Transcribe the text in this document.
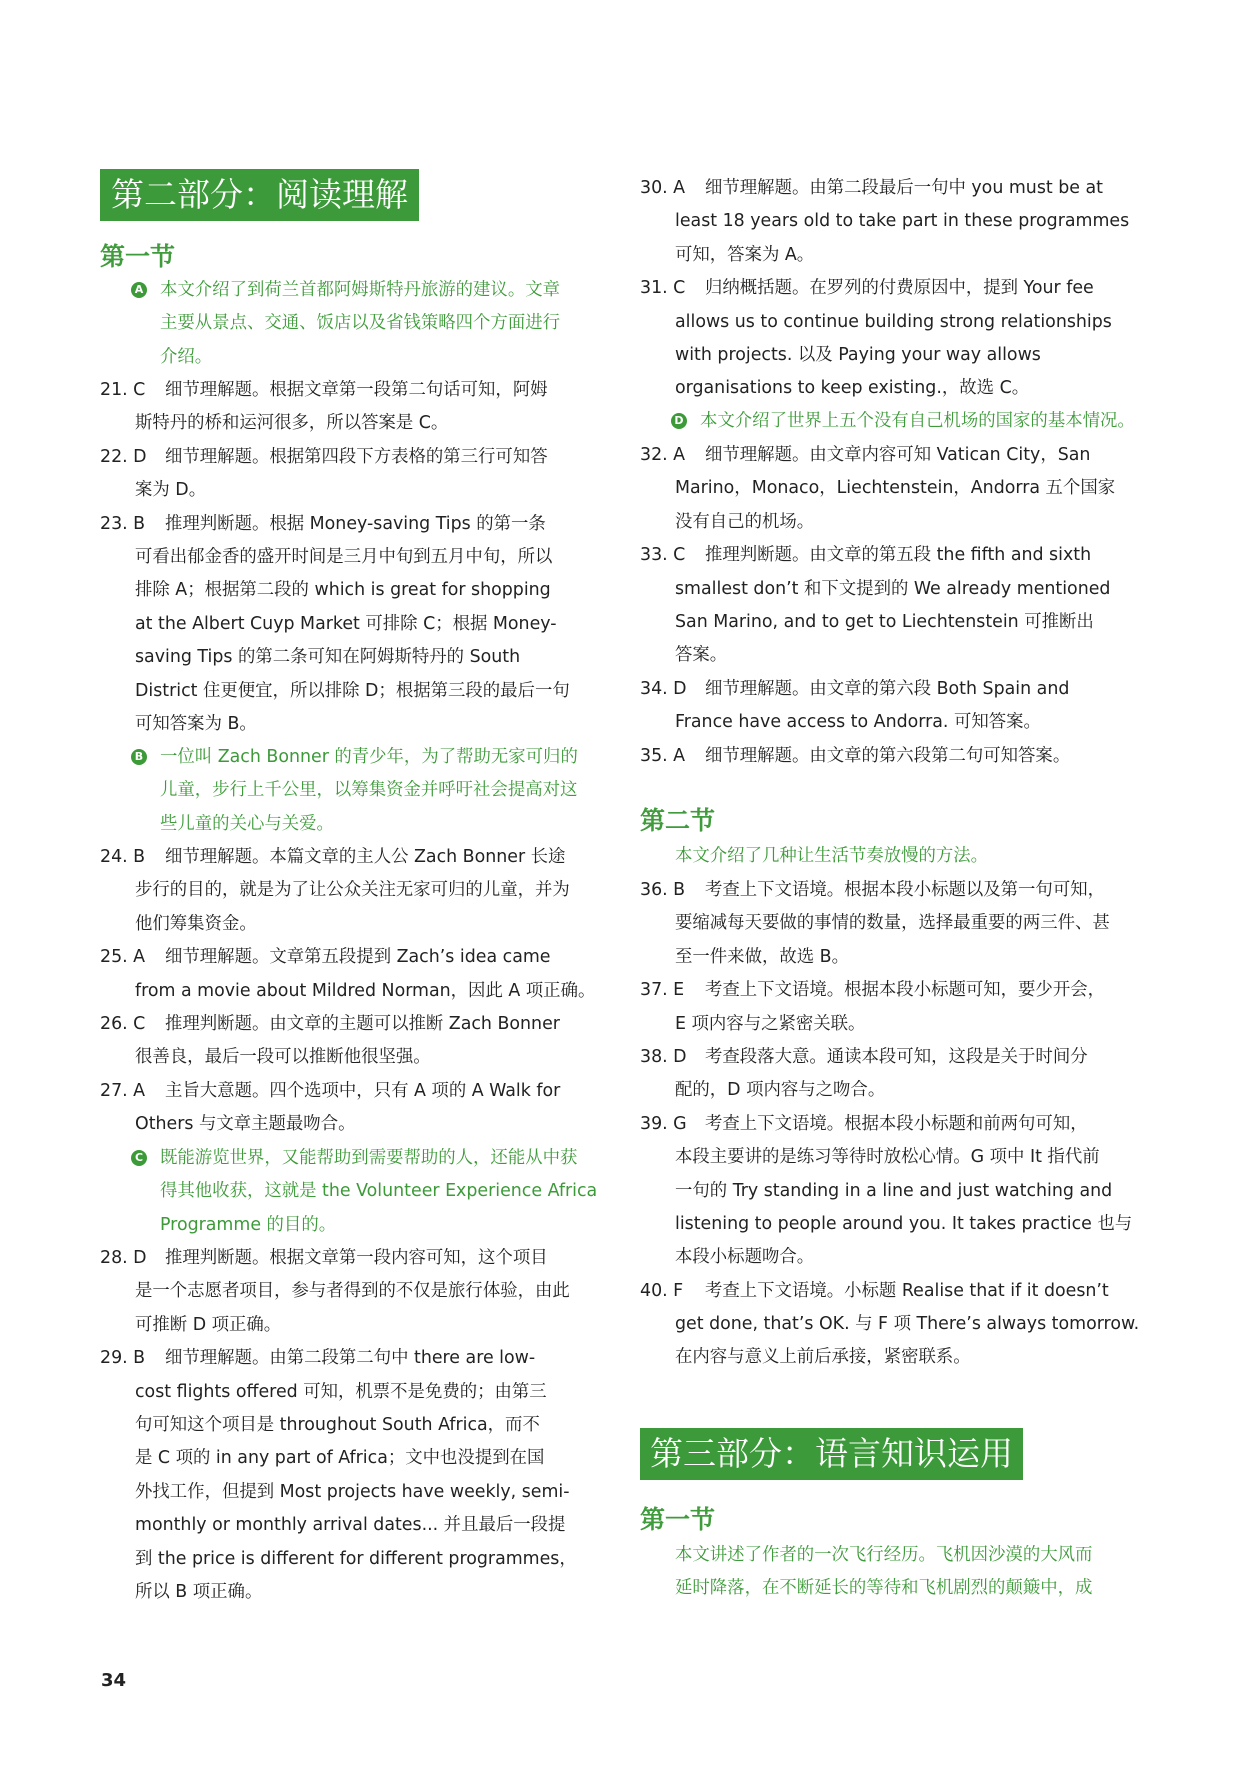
第二部分：阅读理解
第一节
A 本文介绍了到荷兰首都阿姆斯特丹旅游的建议。文章
主要从景点、交通、饭店以及省钱策略四个方面进行
介绍。
21. C 细节理解题。根据文章第一段第二句话可知，阿姆
斯特丹的桥和运河很多，所以答案是 C。
22. D 细节理解题。根据第四段下方表格的第三行可知答
案为 D。
23. B 推理判断题。根据 Money-saving Tips 的第一条
可看出郁金香的盛开时间是三月中旬到五月中旬，所以
排除 A；根据第二段的 which is great for shopping
at the Albert Cuyp Market 可排除 C；根据 Money-
saving Tips 的第二条可知在阿姆斯特丹的 South
District 住更便宜，所以排除 D；根据第三段的最后一句
可知答案为 B。
B 一位叫 Zach Bonner 的青少年，为了帮助无家可归的
儿童，步行上千公里，以筹集资金并呼吁社会提高对这
些儿童的关心与关爱。
24. B 细节理解题。本篇文章的主人公 Zach Bonner 长途
步行的目的，就是为了让公众关注无家可归的儿童，并为
他们筹集资金。
25. A 细节理解题。文章第五段提到 Zach’s idea came
from a movie about Mildred Norman，因此 A 项正确。
26. C 推理判断题。由文章的主题可以推断 Zach Bonner
很善良，最后一段可以推断他很坚强。
27. A 主旨大意题。四个选项中，只有 A 项的 A Walk for
Others 与文章主题最吻合。
C 既能游览世界，又能帮助到需要帮助的人，还能从中获
得其他收获，这就是 the Volunteer Experience Africa
Programme 的目的。
28. D 推理判断题。根据文章第一段内容可知，这个项目
是一个志愿者项目，参与者得到的不仅是旅行体验，由此
可推断 D 项正确。
29. B 细节理解题。由第二段第二句中 there are low-
cost flights offered 可知，机票不是免费的；由第三
句可知这个项目是 throughout South Africa，而不
是 C 项的 in any part of Africa；文中也没提到在国
外找工作，但提到 Most projects have weekly, semi-
monthly or monthly arrival dates... 并且最后一段提
到 the price is different for different programmes，
所以 B 项正确。
30. A 细节理解题。由第二段最后一句中 you must be at
least 18 years old to take part in these programmes
可知，答案为 A。
31. C 归纳概括题。在罗列的付费原因中，提到 Your fee
allows us to continue building strong relationships
with projects. 以及 Paying your way allows
organisations to keep existing.，故选 C。
D 本文介绍了世界上五个没有自己机场的国家的基本情况。
32. A 细节理解题。由文章内容可知 Vatican City，San
Marino，Monaco，Liechtenstein，Andorra 五个国家
没有自己的机场。
33. C 推理判断题。由文章的第五段 the fifth and sixth
smallest don’t 和下文提到的 We already mentioned
San Marino, and to get to Liechtenstein 可推断出
答案。
34. D 细节理解题。由文章的第六段 Both Spain and
France have access to Andorra. 可知答案。
35. A 细节理解题。由文章的第六段第二句可知答案。
第二节
本文介绍了几种让生活节奏放慢的方法。
36. B 考查上下文语境。根据本段小标题以及第一句可知，
要缩减每天要做的事情的数量，选择最重要的两三件、甚
至一件来做，故选 B。
37. E 考查上下文语境。根据本段小标题可知，要少开会，
E 项内容与之紧密关联。
38. D 考查段落大意。通读本段可知，这段是关于时间分
配的，D 项内容与之吻合。
39. G 考查上下文语境。根据本段小标题和前两句可知，
本段主要讲的是练习等待时放松心情。G 项中 It 指代前
一句的 Try standing in a line and just watching and
listening to people around you. It takes practice 也与
本段小标题吻合。
40. F 考查上下文语境。小标题 Realise that if it doesn’t
get done, that’s OK. 与 F 项 There’s always tomorrow.
在内容与意义上前后承接，紧密联系。
第三部分：语言知识运用
第一节
本文讲述了作者的一次飞行经历。飞机因沙漠的大风而
延时降落，在不断延长的等待和飞机剧烈的颠簸中，成
34
